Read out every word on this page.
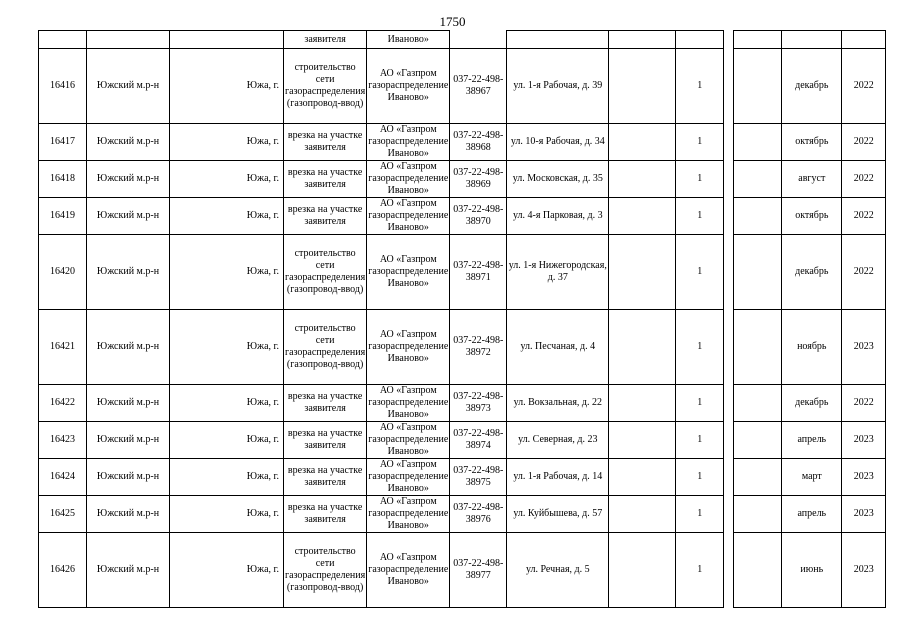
1750
			заявителя	Иваново»								
16416	Южский м.р-н	Южа, г.	строительство сети газораспределения (газопровод-ввод)	АО «Газпром газораспределение Иваново»	037-22-498-38967	ул. 1-я Рабочая, д. 39		1			декабрь	2022
16417	Южский м.р-н	Южа, г.	врезка на участке заявителя	АО «Газпром газораспределение Иваново»	037-22-498-38968	ул. 10-я Рабочая, д. 34		1			октябрь	2022
16418	Южский м.р-н	Южа, г.	врезка на участке заявителя	АО «Газпром газораспределение Иваново»	037-22-498-38969	ул. Московская, д. 35		1			август	2022
16419	Южский м.р-н	Южа, г.	врезка на участке заявителя	АО «Газпром газораспределение Иваново»	037-22-498-38970	ул. 4-я Парковая, д. 3		1			октябрь	2022
16420	Южский м.р-н	Южа, г.	строительство сети газораспределения (газопровод-ввод)	АО «Газпром газораспределение Иваново»	037-22-498-38971	ул. 1-я Нижегородская, д. 37		1			декабрь	2022
16421	Южский м.р-н	Южа, г.	строительство сети газораспределения (газопровод-ввод)	АО «Газпром газораспределение Иваново»	037-22-498-38972	ул. Песчаная, д. 4		1			ноябрь	2023
16422	Южский м.р-н	Южа, г.	врезка на участке заявителя	АО «Газпром газораспределение Иваново»	037-22-498-38973	ул. Вокзальная, д. 22		1			декабрь	2022
16423	Южский м.р-н	Южа, г.	врезка на участке заявителя	АО «Газпром газораспределение Иваново»	037-22-498-38974	ул. Северная, д. 23		1			апрель	2023
16424	Южский м.р-н	Южа, г.	врезка на участке заявителя	АО «Газпром газораспределение Иваново»	037-22-498-38975	ул. 1-я Рабочая, д. 14		1			март	2023
16425	Южский м.р-н	Южа, г.	врезка на участке заявителя	АО «Газпром газораспределение Иваново»	037-22-498-38976	ул. Куйбышева, д. 57		1			апрель	2023
16426	Южский м.р-н	Южа, г.	строительство сети газораспределения (газопровод-ввод)	АО «Газпром газораспределение Иваново»	037-22-498-38977	ул. Речная, д. 5		1			июнь	2023
